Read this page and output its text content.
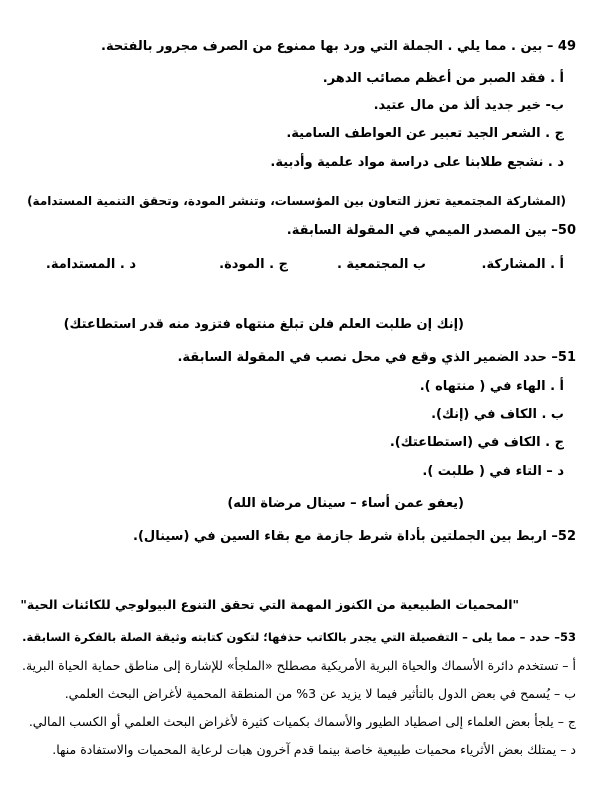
49 – بين . مما يلي . الجملة التي ورد بها ممنوع من الصرف مجرور بالفتحة.
أ . فقد الصبر من أعظم مصائب الدهر.
ب- خير جديد ألذ من مال عتيد.
ج . الشعر الجيد تعبير عن العواطف السامية.
د . نشجع طلابنا على دراسة مواد علمية وأدبية.
(المشاركة المجتمعية تعزز التعاون بين المؤسسات، وتنشر المودة، وتحقق التنمية المستدامة)
50– بين المصدر الميمي في المقولة السابقة.
أ . المشاركة.
ب المجتمعية .
ج . المودة.
د . المستدامة.
(إنك إن طلبت العلم فلن تبلغ منتهاه فتزود منه قدر استطاعتك)
51– حدد الضمير الذي وقع في محل نصب في المقولة السابقة.
أ . الهاء في ( منتهاه ).
ب . الكاف في (إنك).
ج . الكاف في (استطاعتك).
د – التاء في ( طلبت ).
(يعفو عمن أساء – سينال مرضاة الله)
52– اربط بين الجملتين بأداة شرط جازمة مع بقاء السين في (سينال).
"المحميات الطبيعية من الكنوز المهمة التي تحقق التنوع البيولوجي للكائنات الحية"
53– حدد – مما يلى – التفصيلة التي يجدر بالكاتب حذفها؛ لتكون كتابته وثيقة الصلة بالفكرة السابقة.
أ – تستخدم دائرة الأسماك والحياة البرية الأمريكية مصطلح «الملجأ» للإشارة إلى مناطق حماية الحياة البرية.
ب – يُسمح في بعض الدول بالتأثير فيما لا يزيد عن 3% من المنطقة المحمية لأغراض البحث العلمي.
ج – يلجأ بعض العلماء إلى اصطياد الطيور والأسماك بكميات كثيرة لأغراض البحث العلمي أو الكسب المالي.
د – يمتلك بعض الأثرياء محميات طبيعية خاصة بينما قدم آخرون هبات لرعاية المحميات والاستفادة منها.
